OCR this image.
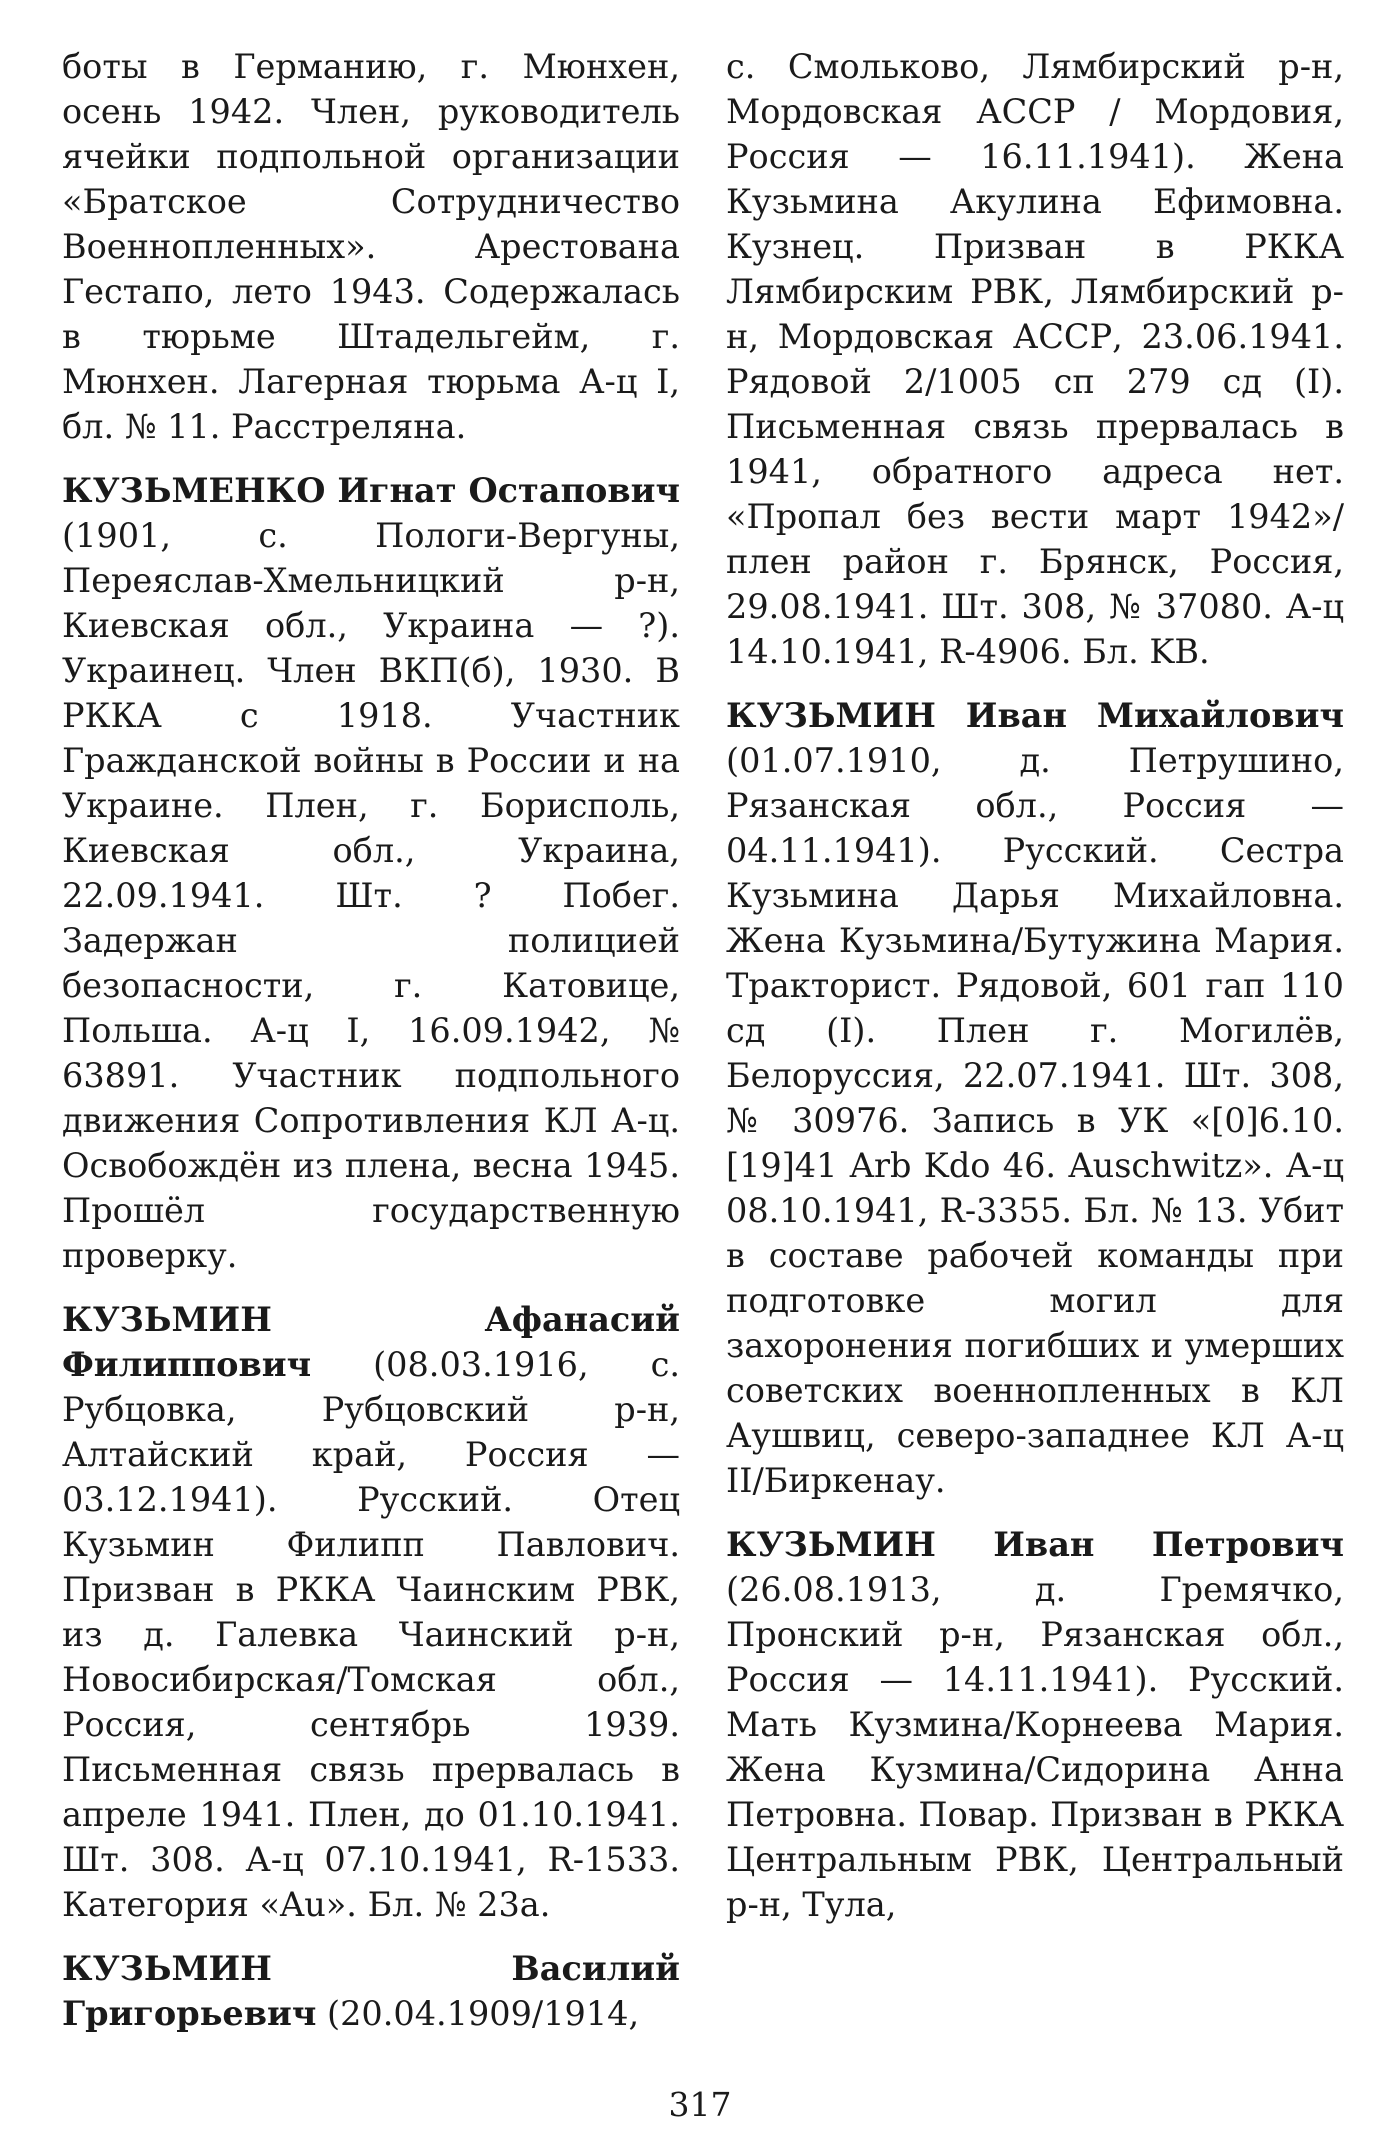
боты в Германию, г. Мюнхен, осень 1942. Член, руководитель ячейки подпольной организации «Братское Сотрудничество Военнопленных». Арестована Гестапо, лето 1943. Содержалась в тюрьме Штадельгейм, г. Мюнхен. Лагерная тюрьма А-ц I, бл. № 11. Расстреляна.

КУЗЬМЕНКО Игнат Остапович (1901, с. Пологи-Вергуны, Переяслав-Хмельницкий р-н, Киевская обл., Украина — ?). Украинец. Член ВКП(б), 1930. В РККА с 1918. Участник Гражданской войны в России и на Украине. Плен, г. Борисполь, Киевская обл., Украина, 22.09.1941. Шт. ? Побег. Задержан полицией безопасности, г. Катовице, Польша. А-ц I, 16.09.1942, № 63891. Участник подпольного движения Сопротивления КЛ А-ц. Освобождён из плена, весна 1945. Прошёл государственную проверку.

КУЗЬМИН Афанасий Филиппович (08.03.1916, с. Рубцовка, Рубцовский р-н, Алтайский край, Россия — 03.12.1941). Русский. Отец Кузьмин Филипп Павлович. Призван в РККА Чаинским РВК, из д. Галевка Чаинский р-н, Новосибирская/Томская обл., Россия, сентябрь 1939. Письменная связь прервалась в апреле 1941. Плен, до 01.10.1941. Шт. 308. А-ц 07.10.1941, R-1533. Категория «Au». Бл. № 23а.

КУЗЬМИН Василий Григорьевич (20.04.1909/1914,

с. Смольково, Лямбирский р-н, Мордовская АССР / Мордовия, Россия — 16.11.1941). Жена Кузьмина Акулина Ефимовна. Кузнец. Призван в РККА Лямбирским РВК, Лямбирский р-н, Мордовская АССР, 23.06.1941. Рядовой 2/1005 сп 279 сд (I). Письменная связь прервалась в 1941, обратного адреса нет. «Пропал без вести март 1942»/плен район г. Брянск, Россия, 29.08.1941. Шт. 308, № 37080. А-ц 14.10.1941, R-4906. Бл. KB.

КУЗЬМИН Иван Михайлович (01.07.1910, д. Петрушино, Рязанская обл., Россия — 04.11.1941). Русский. Сестра Кузьмина Дарья Михайловна. Жена Кузьмина/Бутужина Мария. Тракторист. Рядовой, 601 гап 110 сд (I). Плен г. Могилёв, Белоруссия, 22.07.1941. Шт. 308, № 30976. Запись в УК «[0]6.10.[19]41 Arb Kdo 46. Auschwitz». А-ц 08.10.1941, R-3355. Бл. № 13. Убит в составе рабочей команды при подготовке могил для захоронения погибших и умерших советских военнопленных в КЛ Аушвиц, северо-западнее КЛ А-ц II/Биркенау.

КУЗЬМИН Иван Петрович (26.08.1913, д. Гремячко, Пронский р-н, Рязанская обл., Россия — 14.11.1941). Русский. Мать Кузмина/Корнеева Мария. Жена Кузмина/Сидорина Анна Петровна. Повар. Призван в РККА Центральным РВК, Центральный р-н, Тула,

317
